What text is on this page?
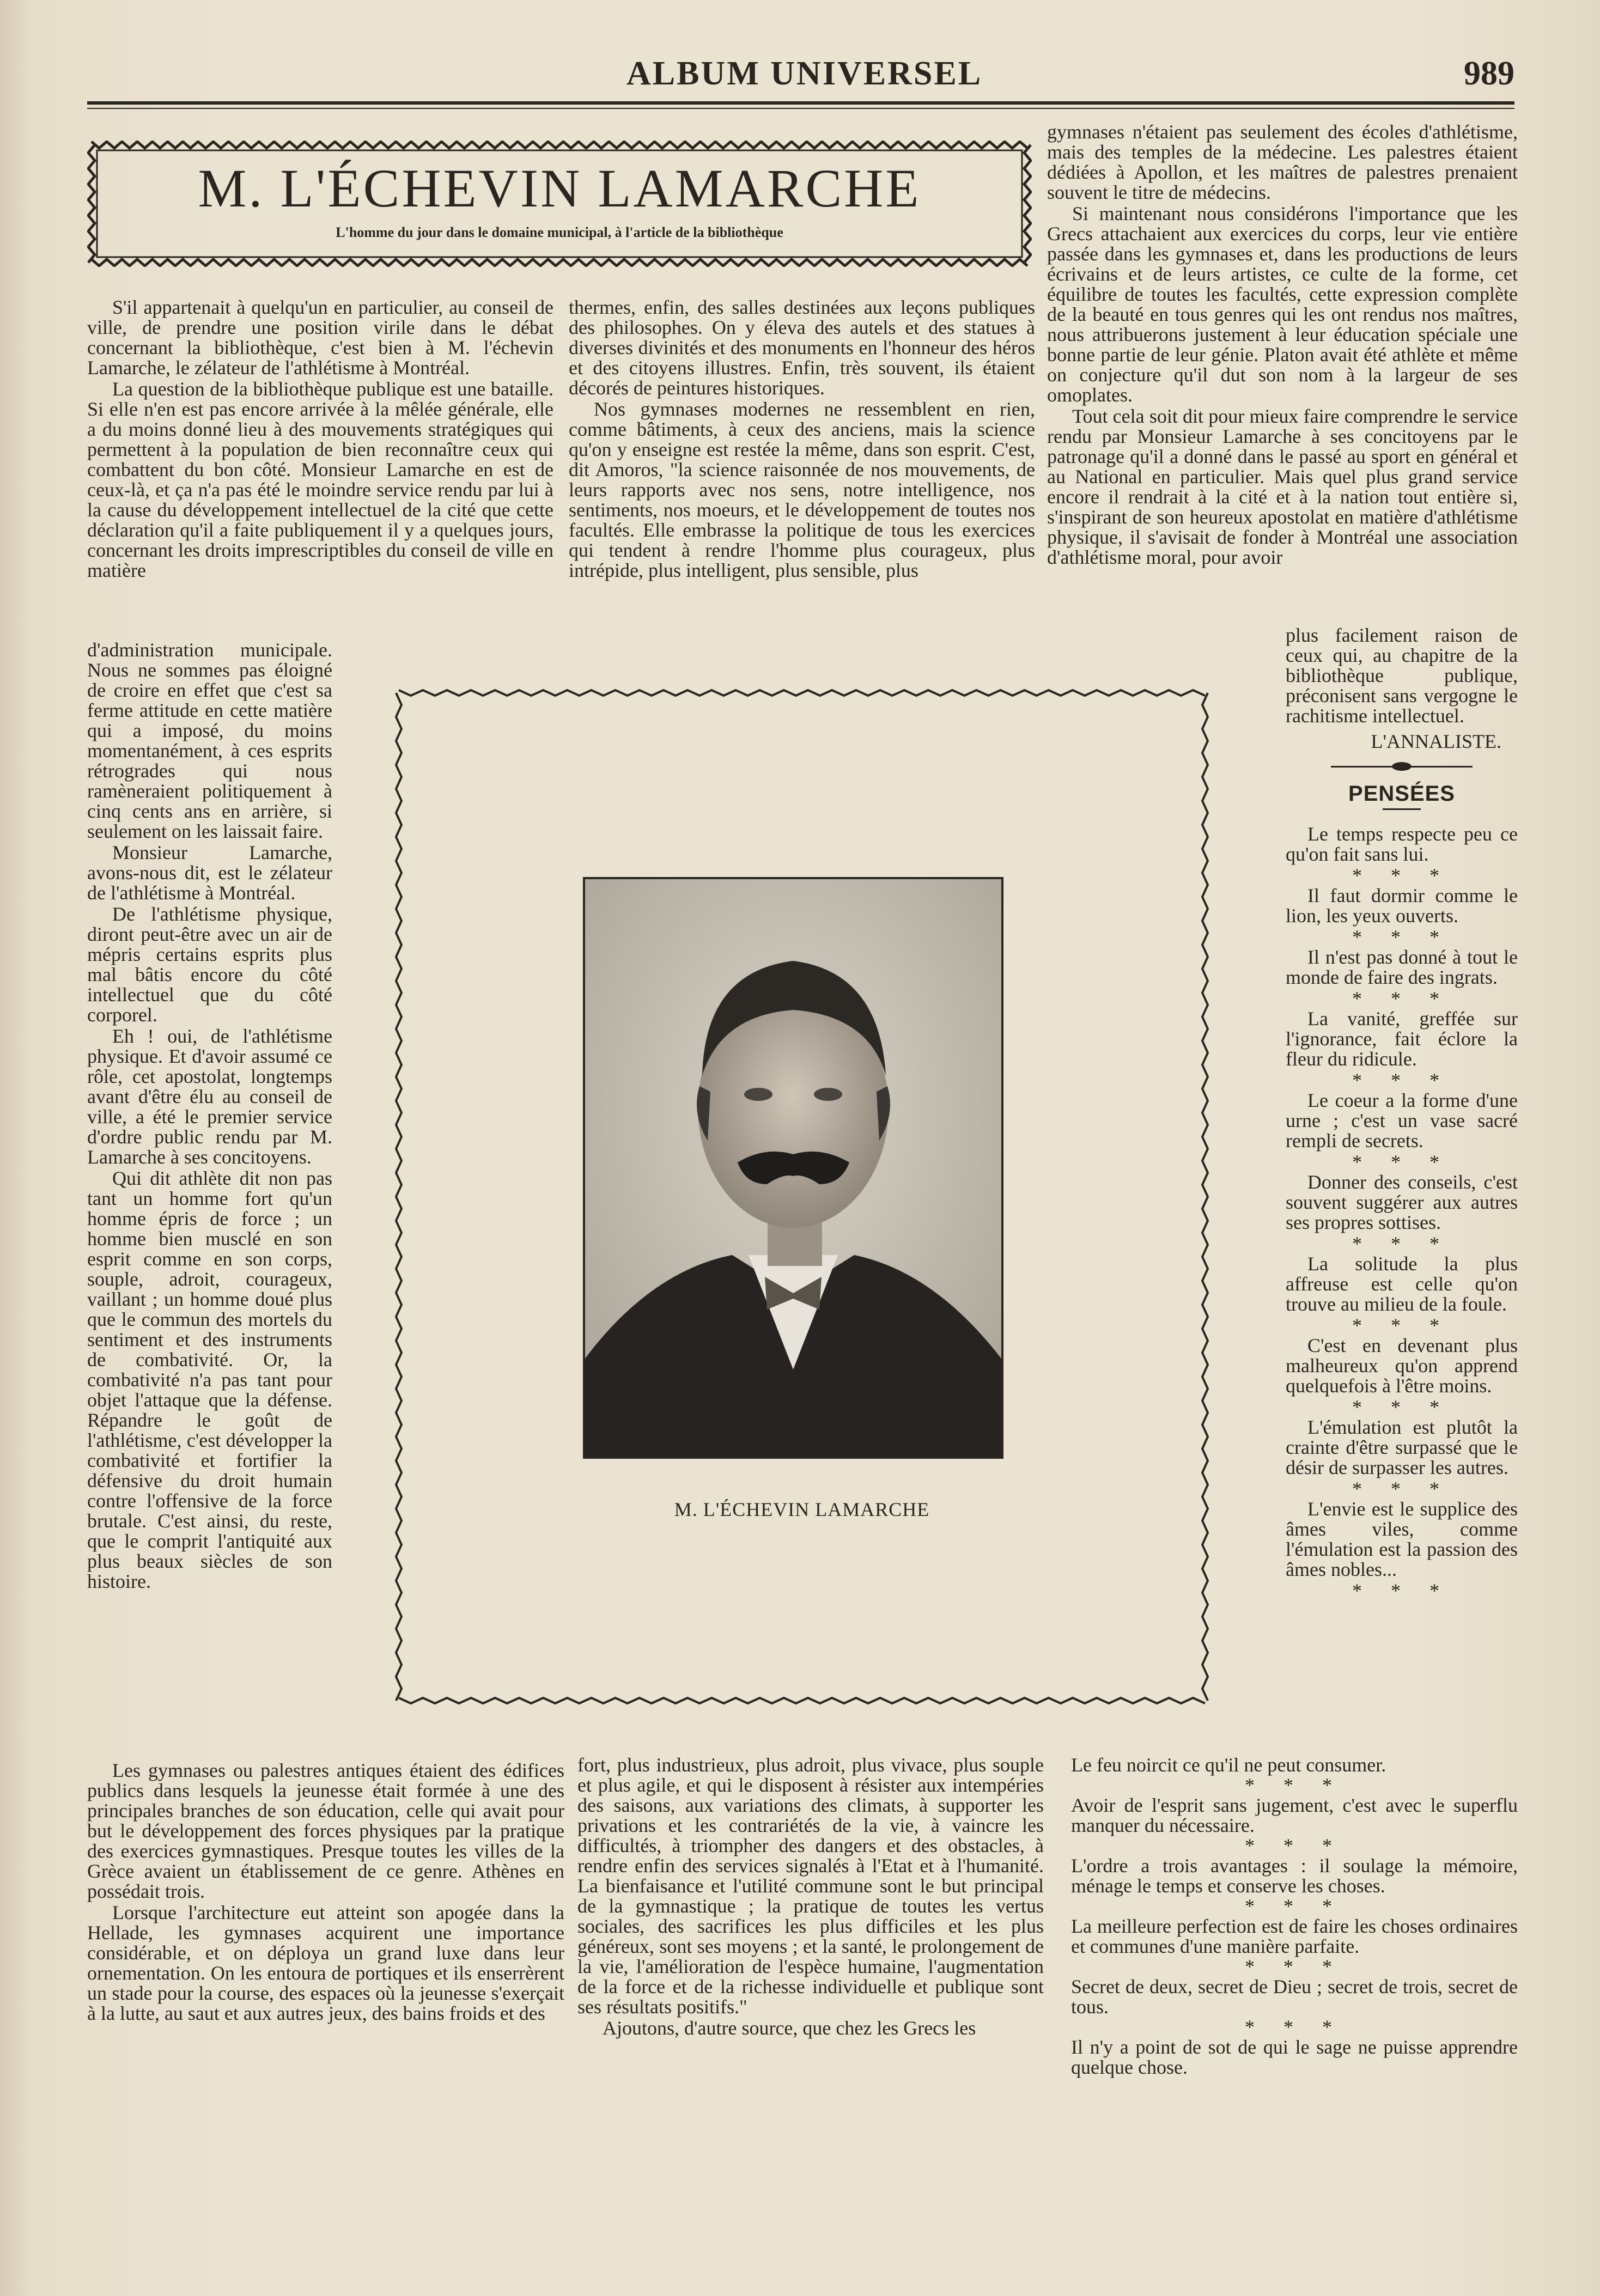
ALBUM UNIVERSEL	989
M. L'ÉCHEVIN LAMARCHE
L'homme du jour dans le domaine municipal, à l'article de la bibliothèque

S'il appartenait à quelqu'un en particulier, au conseil de ville, de prendre une position virile dans le débat concernant la bibliothèque, c'est bien à M. l'échevin Lamarche, le zélateur de l'athlétisme à Montréal.

La question de la bibliothèque publique est une bataille. Si elle n'en est pas encore arrivée à la mêlée générale, elle a du moins donné lieu à des mouvements stratégiques qui permettent à la population de bien reconnaître ceux qui combattent du bon côté. Monsieur Lamarche en est de ceux-là, et ça n'a pas été le moindre service rendu par lui à la cause du développement intellectuel de la cité que cette déclaration qu'il a faite publiquement il y a quelques jours, concernant les droits imprescriptibles du conseil de ville en matière

thermes, enfin, des salles destinées aux leçons publiques des philosophes. On y éleva des autels et des statues à diverses divinités et des monuments en l'honneur des héros et des citoyens illustres. Enfin, très souvent, ils étaient décorés de peintures historiques.

Nos gymnases modernes ne ressemblent en rien, comme bâtiments, à ceux des anciens, mais la science qu'on y enseigne est restée la même, dans son esprit. C'est, dit Amoros, "la science raisonnée de nos mouvements, de leurs rapports avec nos sens, notre intelligence, nos sentiments, nos moeurs, et le développement de toutes nos facultés. Elle embrasse la politique de tous les exercices qui tendent à rendre l'homme plus courageux, plus intrépide, plus intelligent, plus sensible, plus

gymnases n'étaient pas seulement des écoles d'athlétisme, mais des temples de la médecine. Les palestres étaient dédiées à Apollon, et les maîtres de palestres prenaient souvent le titre de médecins.

Si maintenant nous considérons l'importance que les Grecs attachaient aux exercices du corps, leur vie entière passée dans les gymnases et, dans les productions de leurs écrivains et de leurs artistes, ce culte de la forme, cet équilibre de toutes les facultés, cette expression complète de la beauté en tous genres qui les ont rendus nos maîtres, nous attribuerons justement à leur éducation spéciale une bonne partie de leur génie. Platon avait été athlète et même on conjecture qu'il dut son nom à la largeur de ses omoplates.

Tout cela soit dit pour mieux faire comprendre le service rendu par Monsieur Lamarche à ses concitoyens par le patronage qu'il a donné dans le passé au sport en général et au National en particulier. Mais quel plus grand service encore il rendrait à la cité et à la nation tout entière si, s'inspirant de son heureux apostolat en matière d'athlétisme physique, il s'avisait de fonder à Montréal une association d'athlétisme moral, pour avoir

d'administration municipale. Nous ne sommes pas éloigné de croire en effet que c'est sa ferme attitude en cette matière qui a imposé, du moins momentanément, à ces esprits rétrogrades qui nous ramèneraient politiquement à cinq cents ans en arrière, si seulement on les laissait faire.

Monsieur Lamarche, avons-nous dit, est le zélateur de l'athlétisme à Montréal.

De l'athlétisme physique, diront peut-être avec un air de mépris certains esprits plus mal bâtis encore du côté intellectuel que du côté corporel.

Eh ! oui, de l'athlétisme physique. Et d'avoir assumé ce rôle, cet apostolat, longtemps avant d'être élu au conseil de ville, a été le premier service d'ordre public rendu par M. Lamarche à ses concitoyens.

Qui dit athlète dit non pas tant un homme fort qu'un homme épris de force ; un homme bien musclé en son esprit comme en son corps, souple, adroit, courageux, vaillant ; un homme doué plus que le commun des mortels du sentiment et des instruments de combativité. Or, la combativité n'a pas tant pour objet l'attaque que la défense. Répandre le goût de l'athlétisme, c'est développer la combativité et fortifier la défensive du droit humain contre l'offensive de la force brutale. C'est ainsi, du reste, que le comprit l'antiquité aux plus beaux siècles de son histoire.

plus facilement raison de ceux qui, au chapitre de la bibliothèque publique, préconisent sans vergogne le rachitisme intellectuel.

L'ANNALISTE.

PENSÉES

Le temps respecte peu ce qu'on fait sans lui.

* * *

Il faut dormir comme le lion, les yeux ouverts.

* * *

Il n'est pas donné à tout le monde de faire des ingrats.

* * *

La vanité, greffée sur l'ignorance, fait éclore la fleur du ridicule.

* * *

Le coeur a la forme d'une urne ; c'est un vase sacré rempli de secrets.

* * *

Donner des conseils, c'est souvent suggérer aux autres ses propres sottises.

* * *

La solitude la plus affreuse est celle qu'on trouve au milieu de la foule.

* * *

C'est en devenant plus malheureux qu'on apprend quelquefois à l'être moins.

* * *

L'émulation est plutôt la crainte d'être surpassé que le désir de surpasser les autres.

* * *

L'envie est le supplice des âmes viles, comme l'émulation est la passion des âmes nobles...

* * *

M. L'ÉCHEVIN LAMARCHE

Les gymnases ou palestres antiques étaient des édifices publics dans lesquels la jeunesse était formée à une des principales branches de son éducation, celle qui avait pour but le développement des forces physiques par la pratique des exercices gymnastiques. Presque toutes les villes de la Grèce avaient un établissement de ce genre. Athènes en possédait trois.

Lorsque l'architecture eut atteint son apogée dans la Hellade, les gymnases acquirent une importance considérable, et on déploya un grand luxe dans leur ornementation. On les entoura de portiques et ils enserrèrent un stade pour la course, des espaces où la jeunesse s'exerçait à la lutte, au saut et aux autres jeux, des bains froids et des

fort, plus industrieux, plus adroit, plus vivace, plus souple et plus agile, et qui le disposent à résister aux intempéries des saisons, aux variations des climats, à supporter les privations et les contrariétés de la vie, à vaincre les difficultés, à triompher des dangers et des obstacles, à rendre enfin des services signalés à l'Etat et à l'humanité. La bienfaisance et l'utilité commune sont le but principal de la gymnastique ; la pratique de toutes les vertus sociales, des sacrifices les plus difficiles et les plus généreux, sont ses moyens ; et la santé, le prolongement de la vie, l'amélioration de l'espèce humaine, l'augmentation de la force et de la richesse individuelle et publique sont ses résultats positifs."

Ajoutons, d'autre source, que chez les Grecs les

Le feu noircit ce qu'il ne peut consumer.

* * *

Avoir de l'esprit sans jugement, c'est avec le superflu manquer du nécessaire.

* * *

L'ordre a trois avantages : il soulage la mémoire, ménage le temps et conserve les choses.

* * *

La meilleure perfection est de faire les choses ordinaires et communes d'une manière parfaite.

* * *

Secret de deux, secret de Dieu ; secret de trois, secret de tous.

* * *

Il n'y a point de sot de qui le sage ne puisse apprendre quelque chose.
